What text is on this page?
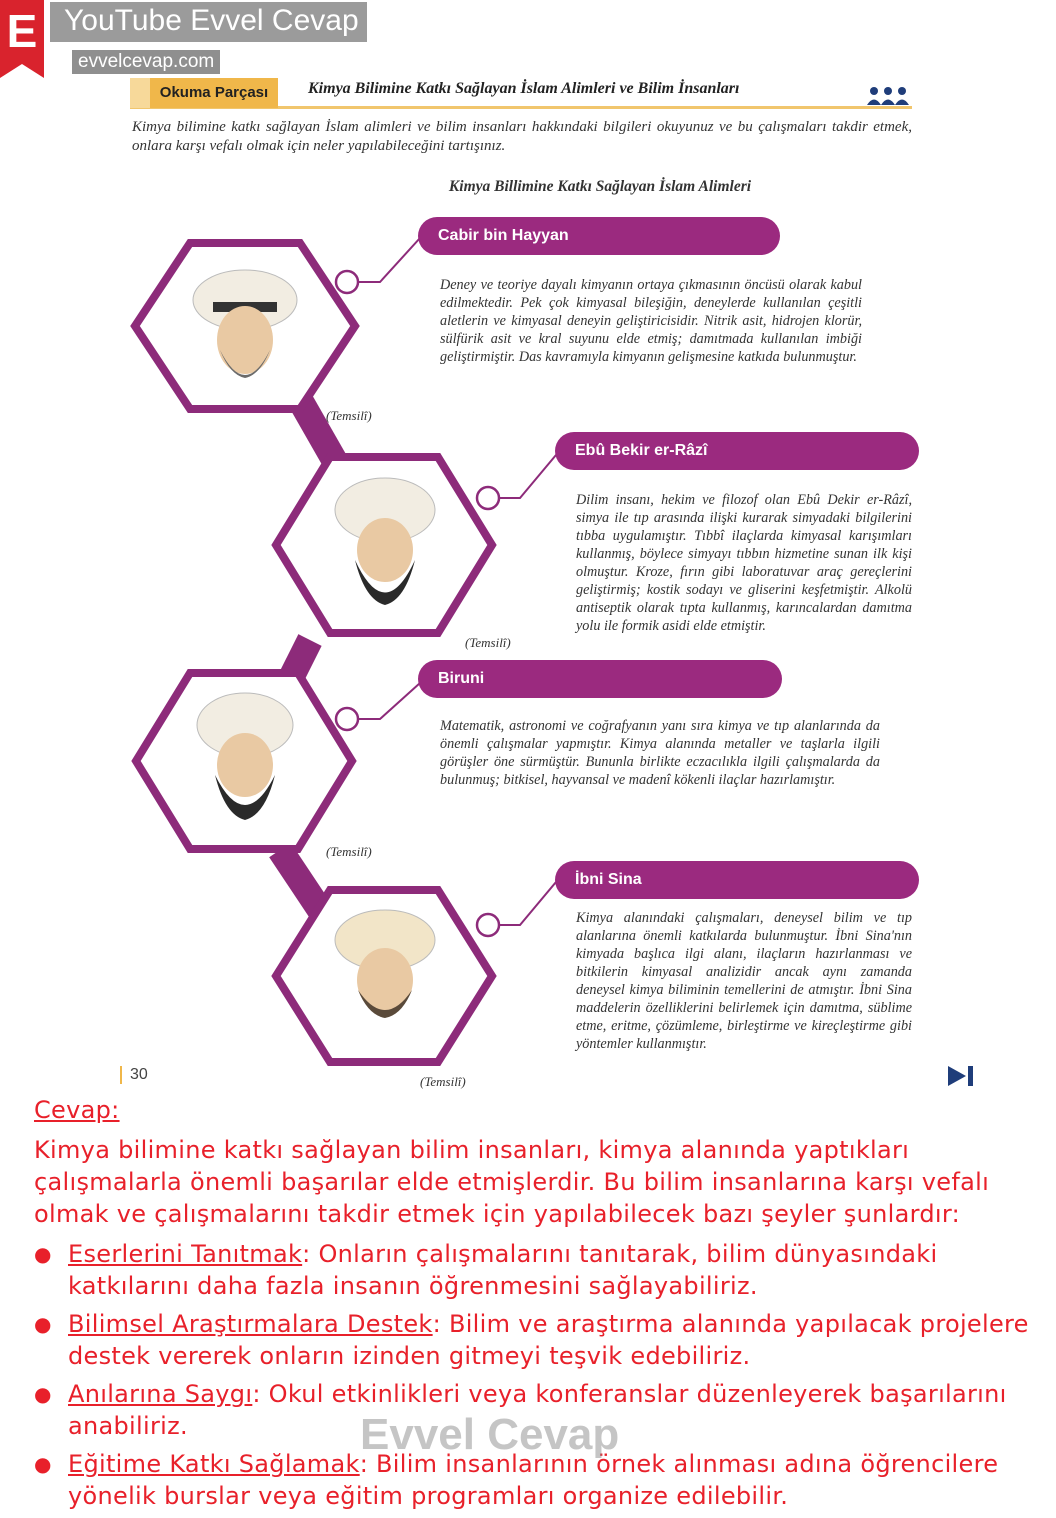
E YouTube Evvel Cevap
evvelcevap.com
Okuma Parçası	Kimya Bilimine Katkı Sağlayan İslam Alimleri ve Bilim İnsanları
Kimya bilimine katkı sağlayan İslam alimleri ve bilim insanları hakkındaki bilgileri okuyunuz ve bu çalışmaları takdir etmek, onlara karşı vefalı olmak için neler yapılabileceğini tartışınız.
Kimya Billimine Katkı Sağlayan İslam Alimleri
Cabir bin Hayyan
Deney ve teoriye dayalı kimyanın ortaya çıkmasının öncüsü olarak kabul edilmektedir. Pek çok kimyasal bileşiğin, deneylerde kullanılan çeşitli aletlerin ve kimyasal deneyin geliştiricisidir. Nitrik asit, hidrojen klorür, sülfürik asit ve kral suyunu elde etmiş; damıtmada kullanılan imbiği geliştirmiştir. Das kavramıyla kimyanın gelişmesine katkıda bulunmuştur.
(Temsilî)
Ebû Bekir er-Râzî
Dilim insanı, hekim ve filozof olan Ebû Dekir er-Râzî, simya ile tıp arasında ilişki kurarak simyadaki bilgilerini tıbba uygulamıştır. Tıbbî ilaçlarda kimyasal karışımları kullanmış, böylece simyayı tıbbın hizmetine sunan ilk kişi olmuştur. Kroze, fırın gibi laboratuvar araç gereçlerini geliştirmiş; kostik sodayı ve gliserini keşfetmiştir. Alkolü antiseptik olarak tıpta kullanmış, karıncalardan damıtma yolu ile formik asidi elde etmiştir.
(Temsilî)
Biruni
Matematik, astronomi ve coğrafyanın yanı sıra kimya ve tıp alanlarında da önemli çalışmalar yapmıştır. Kimya alanında metaller ve taşlarla ilgili görüşler öne sürmüştür. Bununla birlikte eczacılıkla ilgili çalışmalarda da bulunmuş; bitkisel, hayvansal ve madenî kökenli ilaçlar hazırlamıştır.
(Temsilî)
İbni Sina
Kimya alanındaki çalışmaları, deneysel bilim ve tıp alanlarına önemli katkılarda bulunmuştur. İbni Sina'nın kimyada başlıca ilgi alanı, ilaçların hazırlanması ve bitkilerin kimyasal analizidir ancak aynı zamanda deneysel kimya biliminin temellerini de atmıştır. İbni Sina maddelerin özelliklerini belirlemek için damıtma, süblime etme, eritme, çözümleme, birleştirme ve kireçleştirme gibi yöntemler kullanmıştır.
(Temsilî)
30
Cevap:
Kimya bilimine katkı sağlayan bilim insanları, kimya alanında yaptıkları çalışmalarla önemli başarılar elde etmişlerdir. Bu bilim insanlarına karşı vefalı olmak ve çalışmalarını takdir etmek için yapılabilecek bazı şeyler şunlardır:
● Eserlerini Tanıtmak: Onların çalışmalarını tanıtarak, bilim dünyasındaki katkılarını daha fazla insanın öğrenmesini sağlayabiliriz.
● Bilimsel Araştırmalara Destek: Bilim ve araştırma alanında yapılacak projelere destek vererek onların izinden gitmeyi teşvik edebiliriz.
● Anılarına Saygı: Okul etkinlikleri veya konferanslar düzenleyerek başarılarını anabiliriz.
● Eğitime Katkı Sağlamak: Bilim insanlarının örnek alınması adına öğrencilere yönelik burslar veya eğitim programları organize edilebilir.
Evvel Cevap
